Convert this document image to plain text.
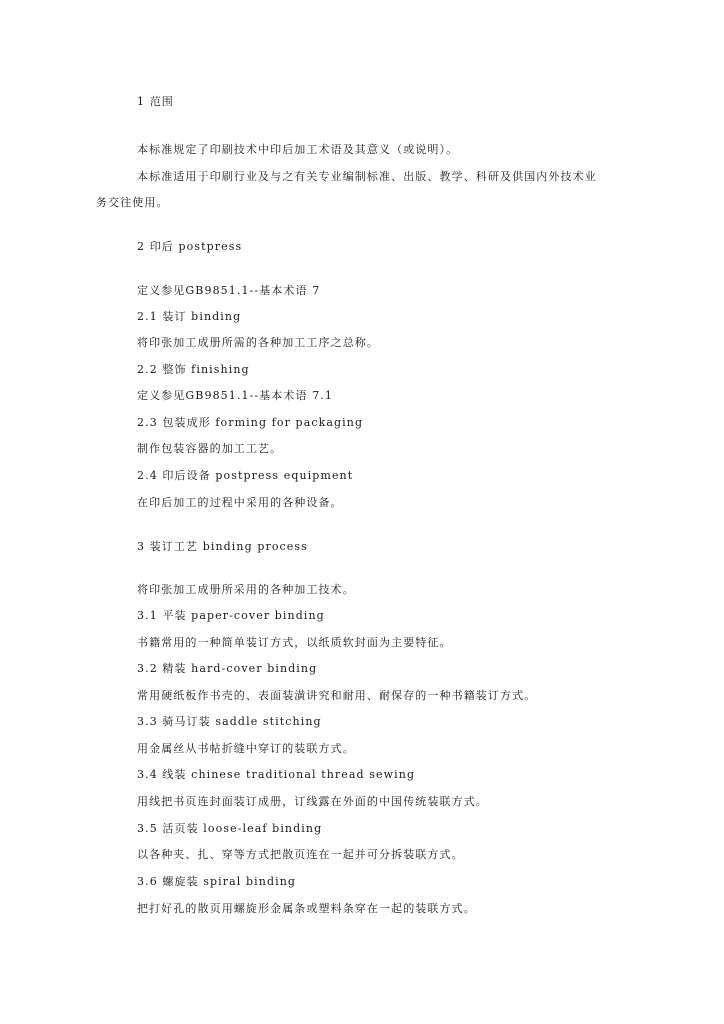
1 范围
本标准规定了印刷技术中印后加工术语及其意义（或说明）。
本标准适用于印刷行业及与之有关专业编制标准、出版、教学、科研及供国内外技术业
务交往使用。
2 印后 postpress
定义参见GB9851.1--基本术语 7
2.1 装订 binding
将印张加工成册所需的各种加工工序之总称。
2.2 整饰 finishing
定义参见GB9851.1--基本术语 7.1
2.3 包装成形 forming for packaging
制作包装容器的加工工艺。
2.4 印后设备 postpress equipment
在印后加工的过程中采用的各种设备。
3 装订工艺 binding process
将印张加工成册所采用的各种加工技术。
3.1 平装 paper-cover binding
书籍常用的一种简单装订方式，以纸质软封面为主要特征。
3.2 精装 hard-cover binding
常用硬纸板作书壳的、表面装潢讲究和耐用、耐保存的一种书籍装订方式。
3.3 骑马订装 saddle stitching
用金属丝从书帖折缝中穿订的装联方式。
3.4 线装 chinese traditional thread sewing
用线把书页连封面装订成册，订线露在外面的中国传统装联方式。
3.5 活页装 loose-leaf binding
以各种夹、扎、穿等方式把散页连在一起并可分拆装联方式。
3.6 螺旋装 spiral binding
把打好孔的散页用螺旋形金属条或塑料条穿在一起的装联方式。
